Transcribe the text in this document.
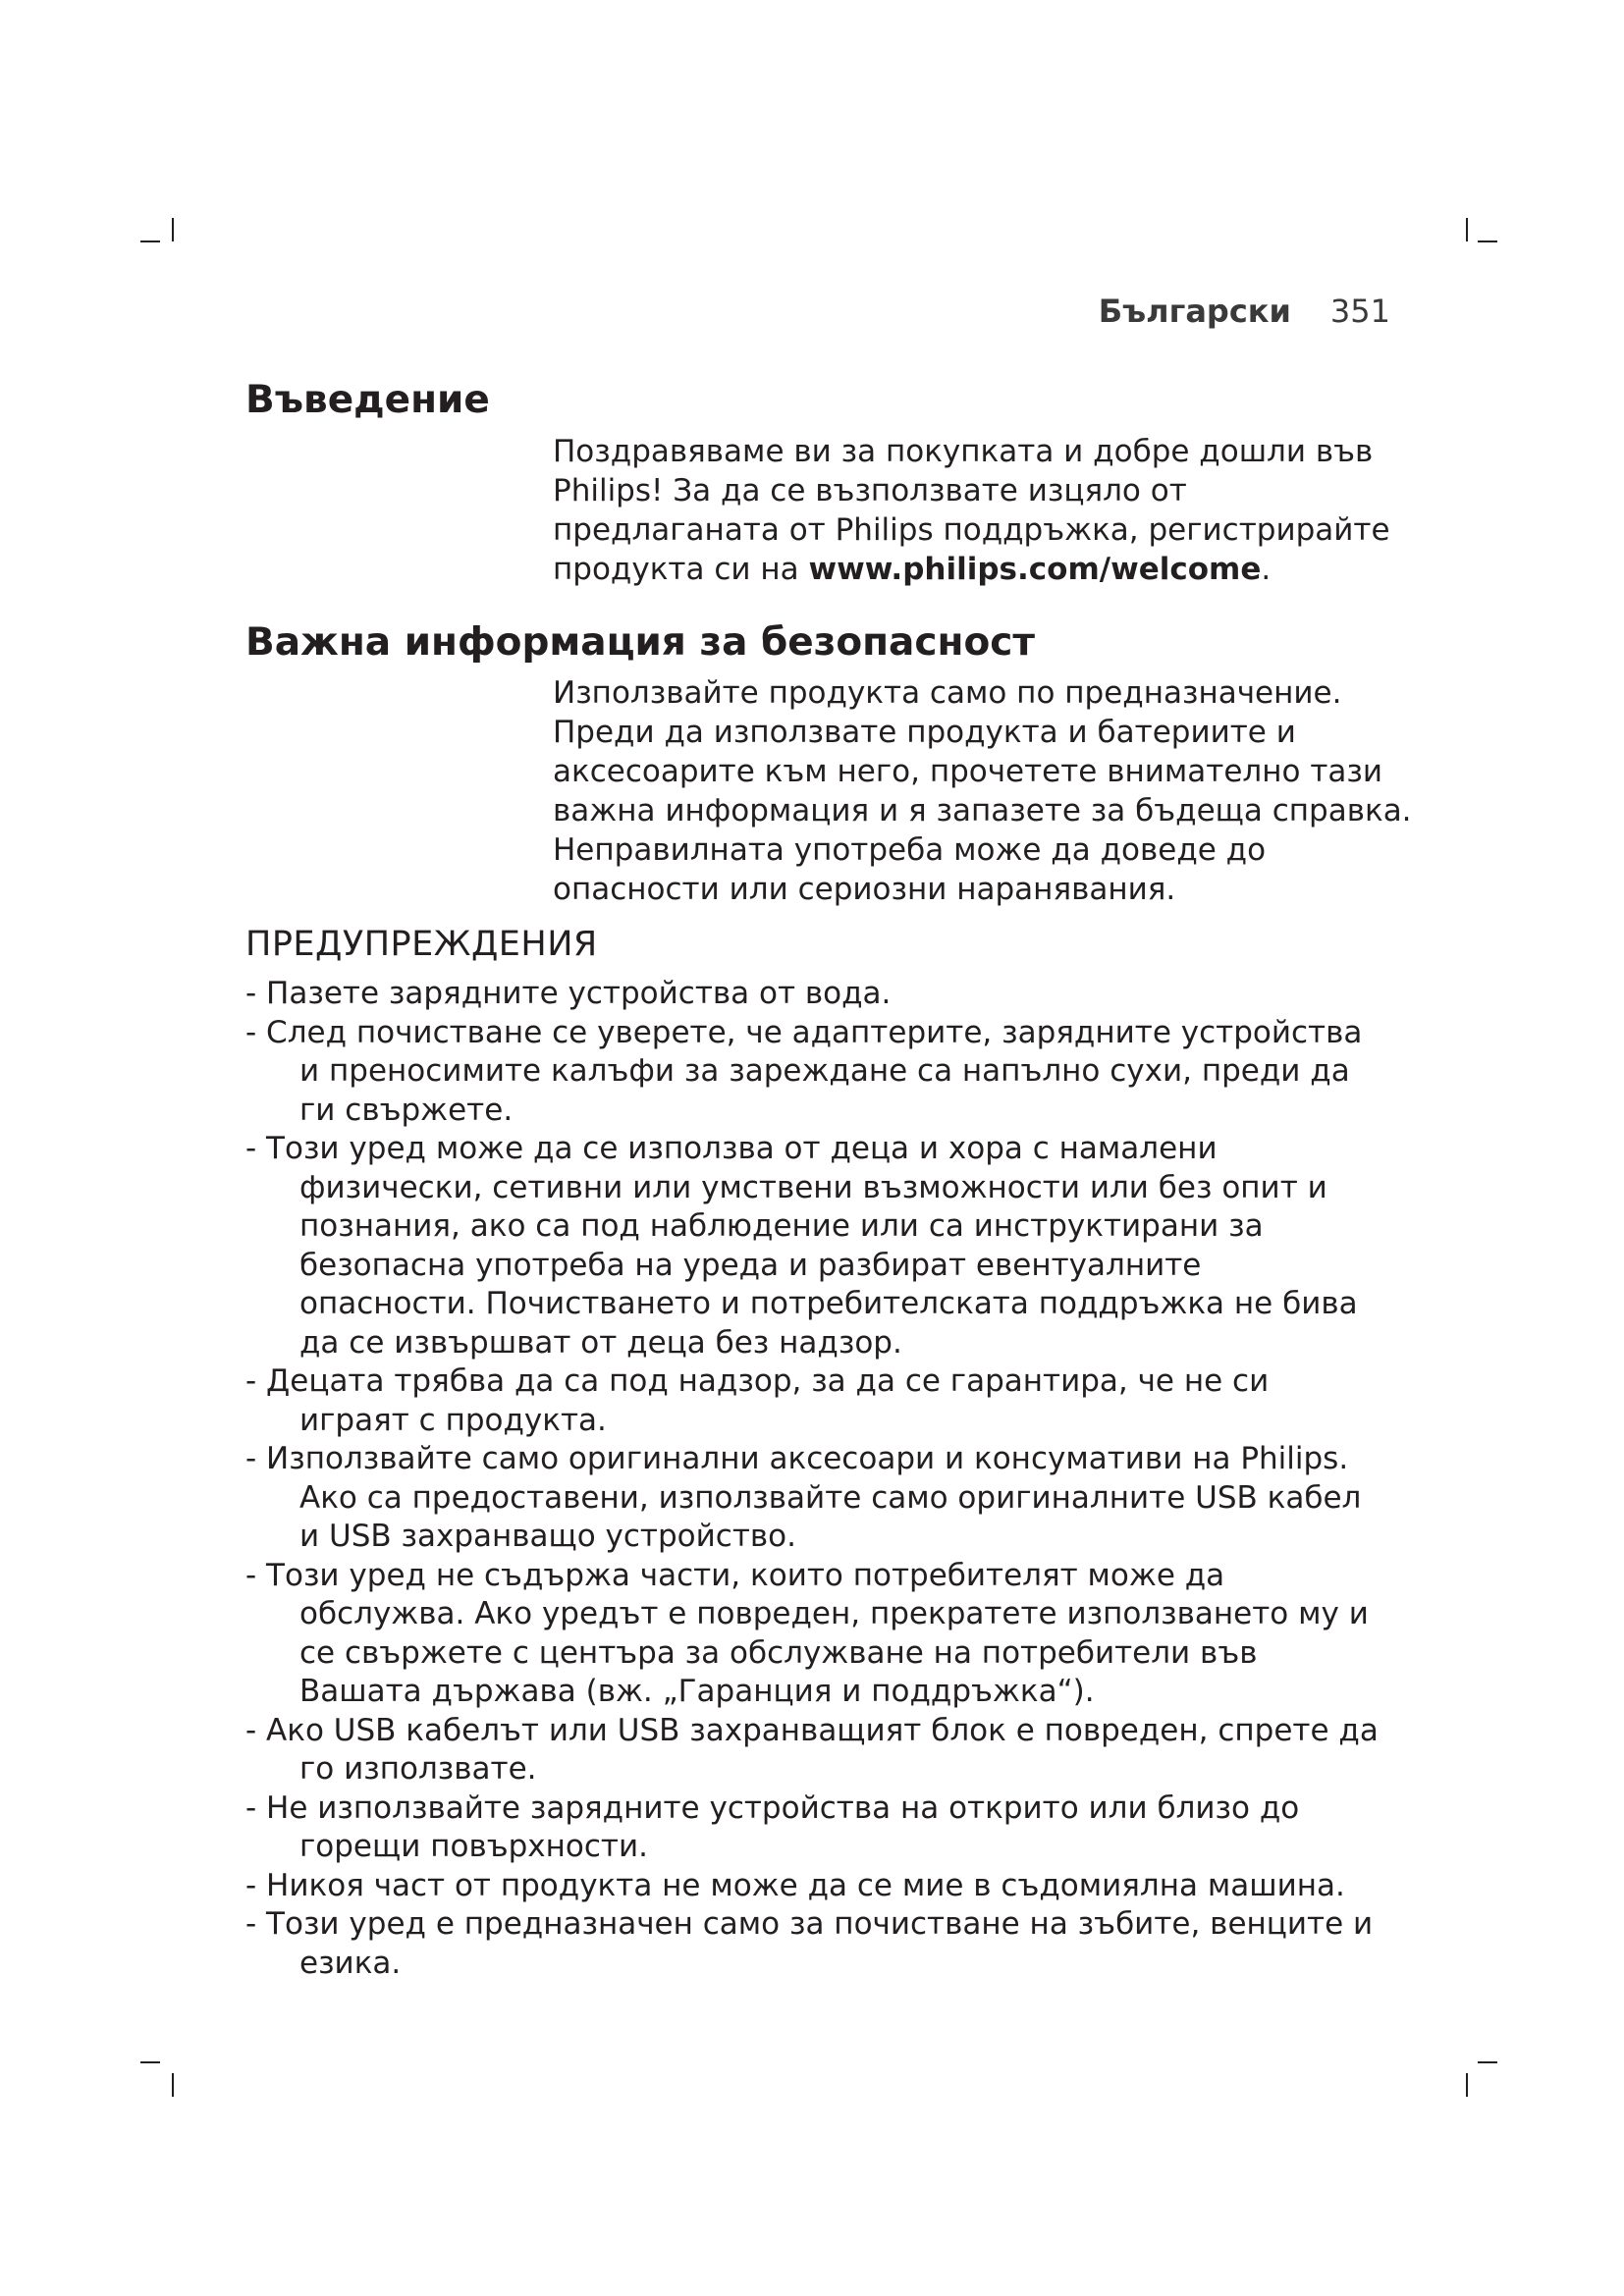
Български 351
Въведение

Поздравяваме ви за покупката и добре дошли във Philips! За да се възползвате изцяло от предлаганата от Philips поддръжка, регистрирайте продукта си на www.philips.com/welcome.

Важна информация за безопасност

Използвайте продукта само по предназначение. Преди да използвате продукта и батериите и аксесоарите към него, прочетете внимателно тази важна информация и я запазете за бъдеща справка. Неправилната употреба може да доведе до опасности или сериозни наранявания.

ПРЕДУПРЕЖДЕНИЯ
- Пазете зарядните устройства от вода.
- След почистване се уверете, че адаптерите, зарядните устройства и преносимите калъфи за зареждане са напълно сухи, преди да ги свържете.
- Този уред може да се използва от деца и хора с намалени физически, сетивни или умствени възможности или без опит и познания, ако са под наблюдение или са инструктирани за безопасна употреба на уреда и разбират евентуалните опасности. Почистването и потребителската поддръжка не бива да се извършват от деца без надзор.
- Децата трябва да са под надзор, за да се гарантира, че не си играят с продукта.
- Използвайте само оригинални аксесоари и консумативи на Philips. Ако са предоставени, използвайте само оригиналните USB кабел и USB захранващо устройство.
- Този уред не съдържа части, които потребителят може да обслужва. Ако уредът е повреден, прекратете използването му и се свържете с центъра за обслужване на потребители във Вашата държава (вж. „Гаранция и поддръжка“).
- Ако USB кабелът или USB захранващият блок е повреден, спрете да го използвате.
- Не използвайте зарядните устройства на открито или близо до горещи повърхности.
- Никоя част от продукта не може да се мие в съдомиялна машина.
- Този уред е предназначен само за почистване на зъбите, венците и езика.
